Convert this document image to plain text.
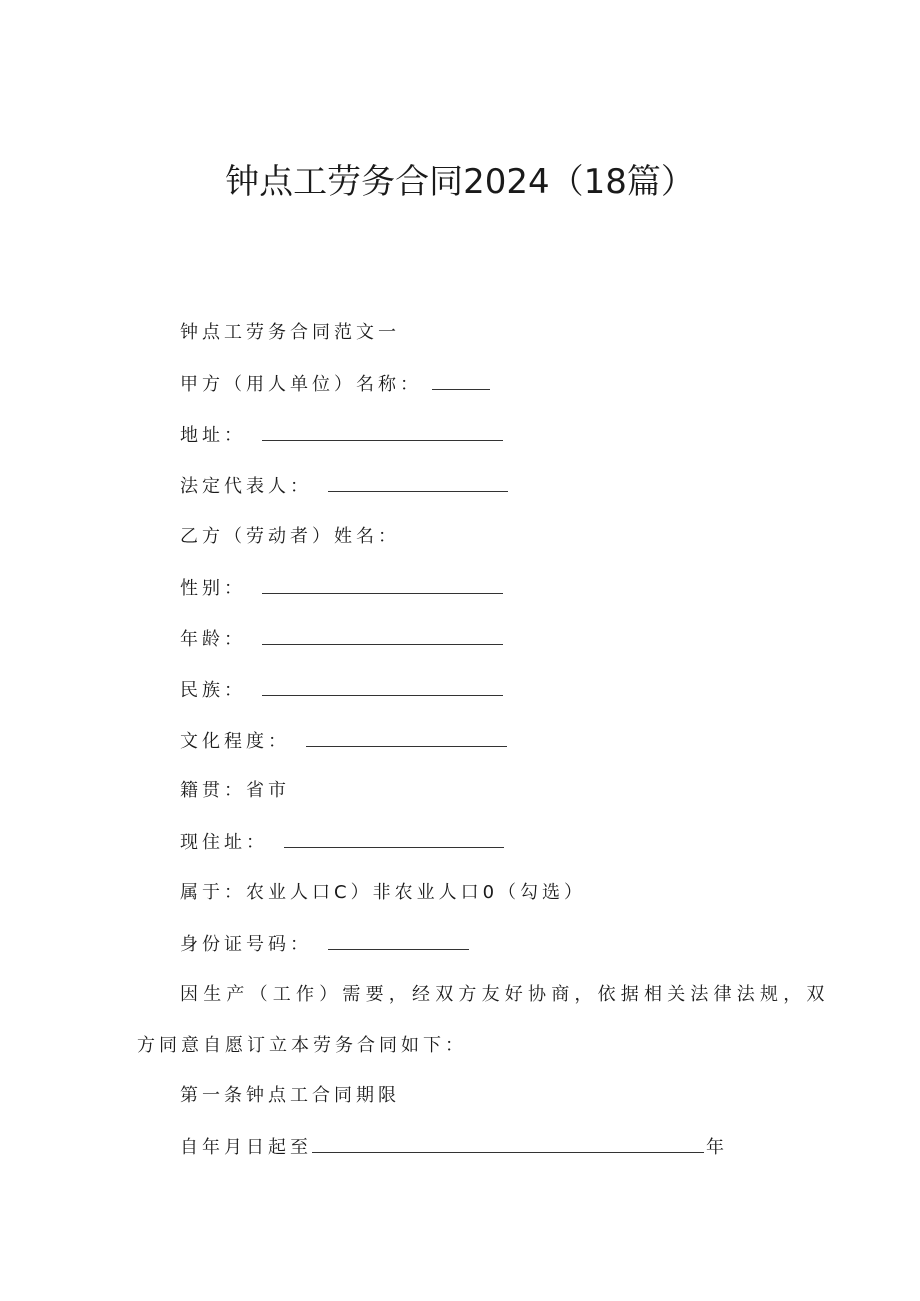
钟点工劳务合同2024（18篇）
钟点工劳务合同范文一
甲方（用人单位）名称：
地址：
法定代表人：
乙方（劳动者）姓名：
性别：
年龄：
民族：
文化程度：
籍贯：省市
现住址：
属于：农业人口C）非农业人口0（勾选）
身份证号码：
因生产（工作）需要，经双方友好协商，依据相关法律法规，双
方同意自愿订立本劳务合同如下：
第一条钟点工合同期限
自年月日起至	年
